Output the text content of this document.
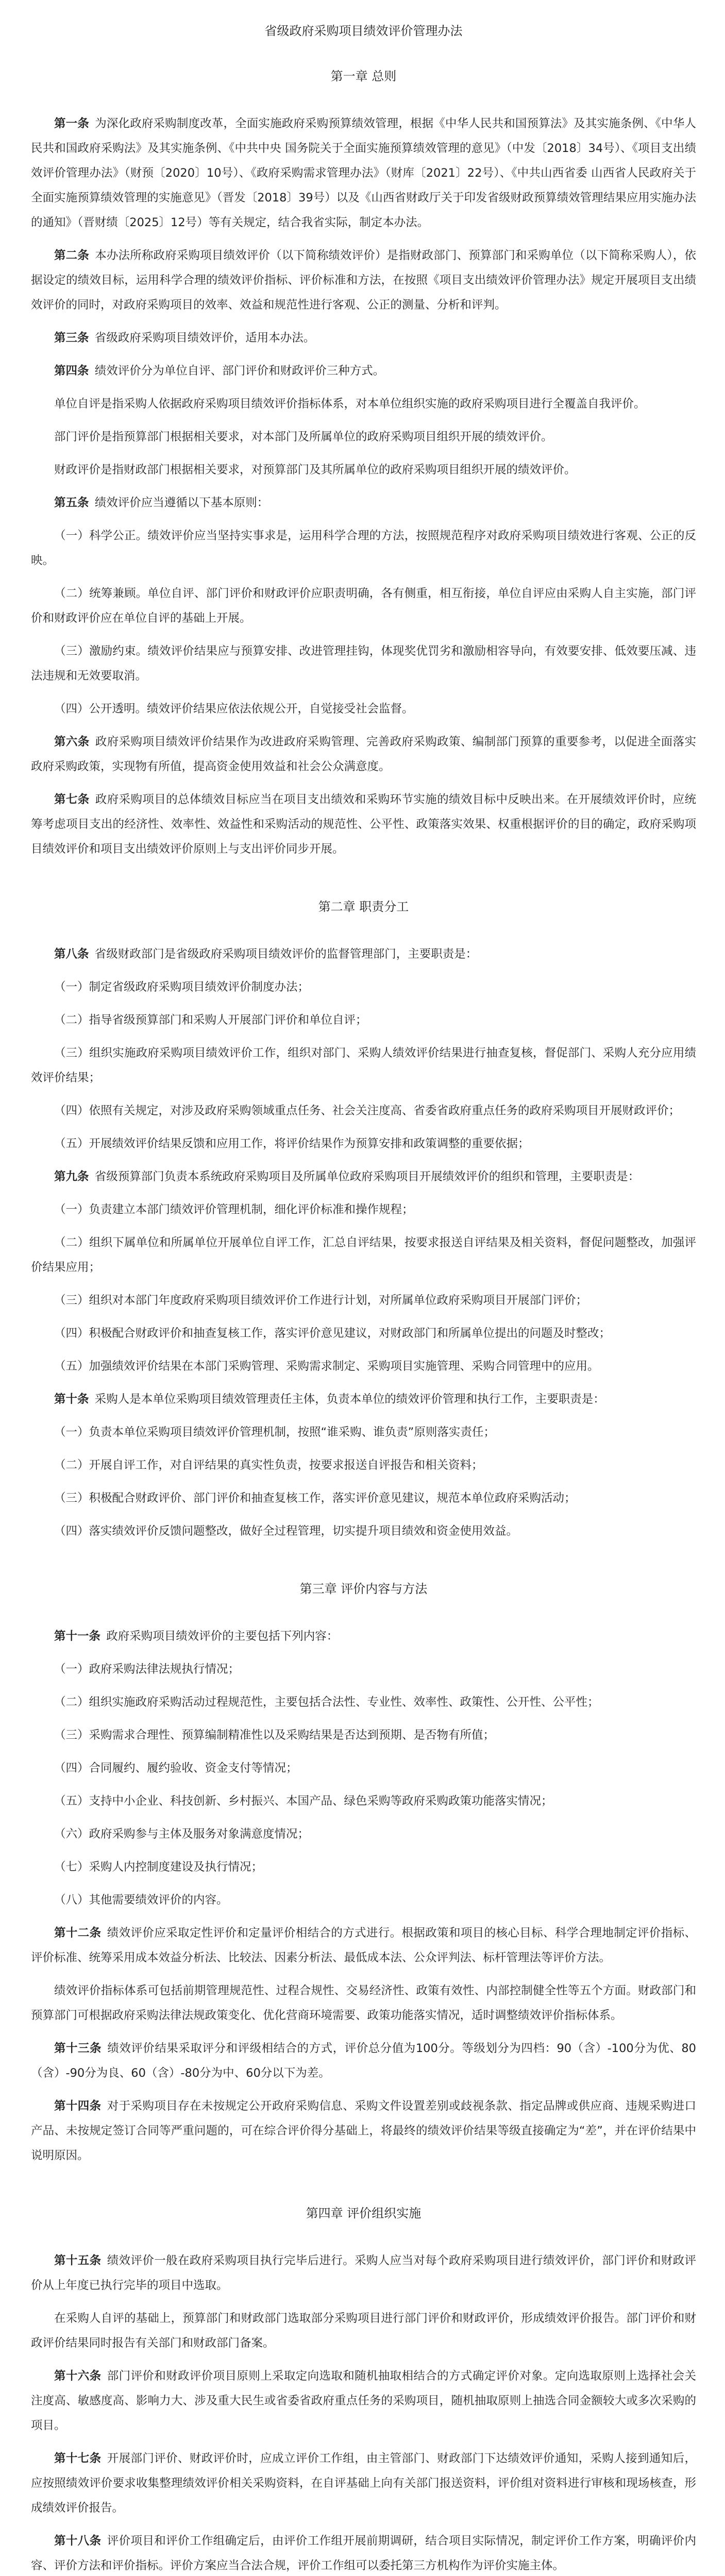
省级政府采购项目绩效评价管理办法
第一章 总则
第一条 为深化政府采购制度改革，全面实施政府采购预算绩效管理，根据《中华人民共和国预算法》及其实施条例、《中华人民共和国政府采购法》及其实施条例、《中共中央 国务院关于全面实施预算绩效管理的意见》（中发〔2018〕34号）、《项目支出绩效评价管理办法》（财预〔2020〕10号）、《政府采购需求管理办法》（财库〔2021〕22号）、《中共山西省委 山西省人民政府关于全面实施预算绩效管理的实施意见》（晋发〔2018〕39号）以及《山西省财政厅关于印发省级财政预算绩效管理结果应用实施办法的通知》（晋财绩〔2025〕12号）等有关规定，结合我省实际，制定本办法。
第二条 本办法所称政府采购项目绩效评价（以下简称绩效评价）是指财政部门、预算部门和采购单位（以下简称采购人），依据设定的绩效目标，运用科学合理的绩效评价指标、评价标准和方法，在按照《项目支出绩效评价管理办法》规定开展项目支出绩效评价的同时，对政府采购项目的效率、效益和规范性进行客观、公正的测量、分析和评判。
第三条 省级政府采购项目绩效评价，适用本办法。
第四条 绩效评价分为单位自评、部门评价和财政评价三种方式。
单位自评是指采购人依据政府采购项目绩效评价指标体系，对本单位组织实施的政府采购项目进行全覆盖自我评价。
部门评价是指预算部门根据相关要求，对本部门及所属单位的政府采购项目组织开展的绩效评价。
财政评价是指财政部门根据相关要求，对预算部门及其所属单位的政府采购项目组织开展的绩效评价。
第五条 绩效评价应当遵循以下基本原则：
（一）科学公正。绩效评价应当坚持实事求是，运用科学合理的方法，按照规范程序对政府采购项目绩效进行客观、公正的反映。
（二）统筹兼顾。单位自评、部门评价和财政评价应职责明确，各有侧重，相互衔接，单位自评应由采购人自主实施，部门评价和财政评价应在单位自评的基础上开展。
（三）激励约束。绩效评价结果应与预算安排、改进管理挂钩，体现奖优罚劣和激励相容导向，有效要安排、低效要压减、违法违规和无效要取消。
（四）公开透明。绩效评价结果应依法依规公开，自觉接受社会监督。
第六条 政府采购项目绩效评价结果作为改进政府采购管理、完善政府采购政策、编制部门预算的重要参考，以促进全面落实政府采购政策，实现物有所值，提高资金使用效益和社会公众满意度。
第七条 政府采购项目的总体绩效目标应当在项目支出绩效和采购环节实施的绩效目标中反映出来。在开展绩效评价时，应统筹考虑项目支出的经济性、效率性、效益性和采购活动的规范性、公平性、政策落实效果、权重根据评价的目的确定，政府采购项目绩效评价和项目支出绩效评价原则上与支出评价同步开展。
第二章 职责分工
第八条 省级财政部门是省级政府采购项目绩效评价的监督管理部门，主要职责是：
（一）制定省级政府采购项目绩效评价制度办法；
（二）指导省级预算部门和采购人开展部门评价和单位自评；
（三）组织实施政府采购项目绩效评价工作，组织对部门、采购人绩效评价结果进行抽查复核，督促部门、采购人充分应用绩效评价结果；
（四）依照有关规定，对涉及政府采购领域重点任务、社会关注度高、省委省政府重点任务的政府采购项目开展财政评价；
（五）开展绩效评价结果反馈和应用工作，将评价结果作为预算安排和政策调整的重要依据；
第九条 省级预算部门负责本系统政府采购项目及所属单位政府采购项目开展绩效评价的组织和管理，主要职责是：
（一）负责建立本部门绩效评价管理机制，细化评价标准和操作规程；
（二）组织下属单位和所属单位开展单位自评工作，汇总自评结果，按要求报送自评结果及相关资料，督促问题整改，加强评价结果应用；
（三）组织对本部门年度政府采购项目绩效评价工作进行计划，对所属单位政府采购项目开展部门评价；
（四）积极配合财政评价和抽查复核工作，落实评价意见建议，对财政部门和所属单位提出的问题及时整改；
（五）加强绩效评价结果在本部门采购管理、采购需求制定、采购项目实施管理、采购合同管理中的应用。
第十条 采购人是本单位采购项目绩效管理责任主体，负责本单位的绩效评价管理和执行工作，主要职责是：
（一）负责本单位采购项目绩效评价管理机制，按照“谁采购、谁负责”原则落实责任；
（二）开展自评工作，对自评结果的真实性负责，按要求报送自评报告和相关资料；
（三）积极配合财政评价、部门评价和抽查复核工作，落实评价意见建议，规范本单位政府采购活动；
（四）落实绩效评价反馈问题整改，做好全过程管理，切实提升项目绩效和资金使用效益。
第三章 评价内容与方法
第十一条 政府采购项目绩效评价的主要包括下列内容：
（一）政府采购法律法规执行情况；
（二）组织实施政府采购活动过程规范性，主要包括合法性、专业性、效率性、政策性、公开性、公平性；
（三）采购需求合理性、预算编制精准性以及采购结果是否达到预期、是否物有所值；
（四）合同履约、履约验收、资金支付等情况；
（五）支持中小企业、科技创新、乡村振兴、本国产品、绿色采购等政府采购政策功能落实情况；
（六）政府采购参与主体及服务对象满意度情况；
（七）采购人内控制度建设及执行情况；
（八）其他需要绩效评价的内容。
第十二条 绩效评价应采取定性评价和定量评价相结合的方式进行。根据政策和项目的核心目标、科学合理地制定评价指标、评价标准、统筹采用成本效益分析法、比较法、因素分析法、最低成本法、公众评判法、标杆管理法等评价方法。
绩效评价指标体系可包括前期管理规范性、过程合规性、交易经济性、政策有效性、内部控制健全性等五个方面。财政部门和预算部门可根据政府采购法律法规政策变化、优化营商环境需要、政策功能落实情况，适时调整绩效评价指标体系。
第十三条 绩效评价结果采取评分和评级相结合的方式，评价总分值为100分。等级划分为四档：90（含）-100分为优、80（含）-90分为良、60（含）-80分为中、60分以下为差。
第十四条 对于采购项目存在未按规定公开政府采购信息、采购文件设置差别或歧视条款、指定品牌或供应商、违规采购进口产品、未按规定签订合同等严重问题的，可在综合评价得分基础上，将最终的绩效评价结果等级直接确定为“差”，并在评价结果中说明原因。
第四章 评价组织实施
第十五条 绩效评价一般在政府采购项目执行完毕后进行。采购人应当对每个政府采购项目进行绩效评价，部门评价和财政评价从上年度已执行完毕的项目中选取。
在采购人自评的基础上，预算部门和财政部门选取部分采购项目进行部门评价和财政评价，形成绩效评价报告。部门评价和财政评价结果同时报告有关部门和财政部门备案。
第十六条 部门评价和财政评价项目原则上采取定向选取和随机抽取相结合的方式确定评价对象。定向选取原则上选择社会关注度高、敏感度高、影响力大、涉及重大民生或省委省政府重点任务的采购项目，随机抽取原则上抽选合同金额较大或多次采购的项目。
第十七条 开展部门评价、财政评价时，应成立评价工作组，由主管部门、财政部门下达绩效评价通知，采购人接到通知后，应按照绩效评价要求收集整理绩效评价相关采购资料，在自评基础上向有关部门报送资料，评价组对资料进行审核和现场核查，形成绩效评价报告。
第十八条 评价项目和评价工作组确定后，由评价工作组开展前期调研，结合项目实际情况，制定评价工作方案，明确评价内容、评价方法和评价指标。评价方案应当合法合规，评价工作组可以委托第三方机构作为评价实施主体。
